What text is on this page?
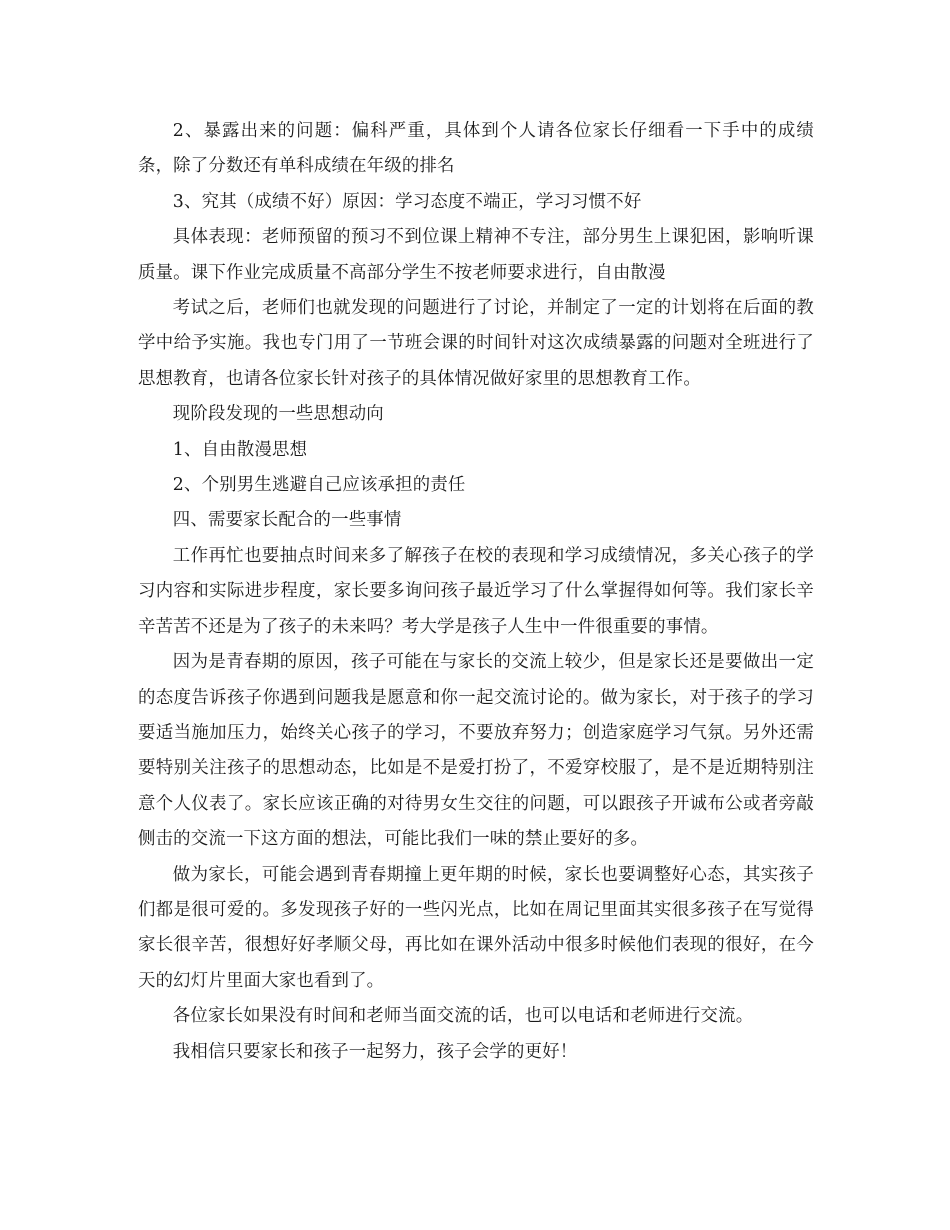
2、暴露出来的问题：偏科严重，具体到个人请各位家长仔细看一下手中的成绩条，除了分数还有单科成绩在年级的排名

3、究其（成绩不好）原因：学习态度不端正，学习习惯不好

具体表现：老师预留的预习不到位课上精神不专注，部分男生上课犯困，影响听课质量。课下作业完成质量不高部分学生不按老师要求进行，自由散漫

考试之后，老师们也就发现的问题进行了讨论，并制定了一定的计划将在后面的教学中给予实施。我也专门用了一节班会课的时间针对这次成绩暴露的问题对全班进行了思想教育，也请各位家长针对孩子的具体情况做好家里的思想教育工作。

现阶段发现的一些思想动向

1、自由散漫思想

2、个别男生逃避自己应该承担的责任

四、需要家长配合的一些事情

工作再忙也要抽点时间来多了解孩子在校的表现和学习成绩情况，多关心孩子的学习内容和实际进步程度，家长要多询问孩子最近学习了什么掌握得如何等。我们家长辛辛苦苦不还是为了孩子的未来吗？考大学是孩子人生中一件很重要的事情。

因为是青春期的原因，孩子可能在与家长的交流上较少，但是家长还是要做出一定的态度告诉孩子你遇到问题我是愿意和你一起交流讨论的。做为家长，对于孩子的学习要适当施加压力，始终关心孩子的学习，不要放弃努力；创造家庭学习气氛。另外还需要特别关注孩子的思想动态，比如是不是爱打扮了，不爱穿校服了，是不是近期特别注意个人仪表了。家长应该正确的对待男女生交往的问题，可以跟孩子开诚布公或者旁敲侧击的交流一下这方面的想法，可能比我们一味的禁止要好的多。

做为家长，可能会遇到青春期撞上更年期的时候，家长也要调整好心态，其实孩子们都是很可爱的。多发现孩子好的一些闪光点，比如在周记里面其实很多孩子在写觉得家长很辛苦，很想好好孝顺父母，再比如在课外活动中很多时候他们表现的很好，在今天的幻灯片里面大家也看到了。

各位家长如果没有时间和老师当面交流的话，也可以电话和老师进行交流。

我相信只要家长和孩子一起努力，孩子会学的更好！
